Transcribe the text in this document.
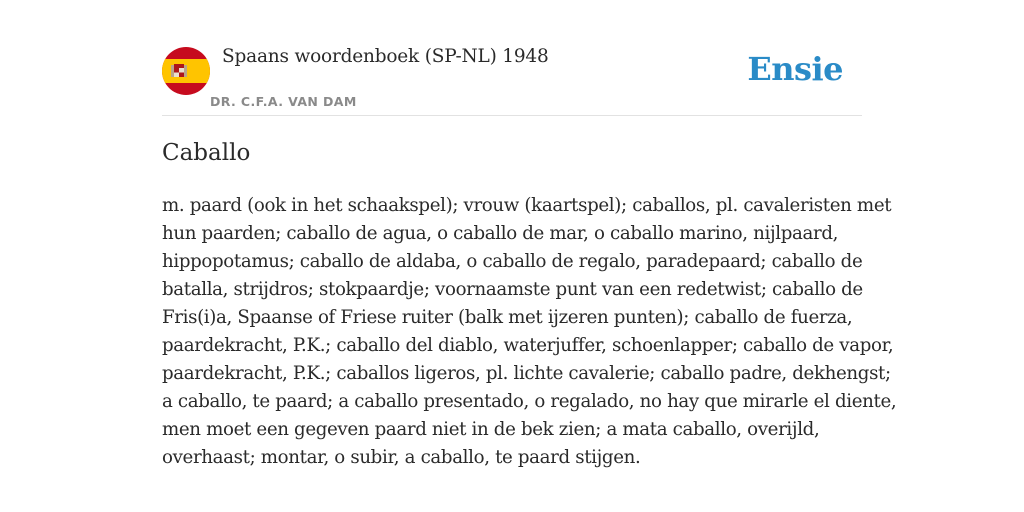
Spaans woordenboek (SP-NL) 1948
DR. C.F.A. VAN DAM
Ensie
Caballo

m. paard (ook in het schaakspel); vrouw (kaartspel); caballos, pl. cavaleristen met
hun paarden; caballo de agua, o caballo de mar, o caballo marino, nijlpaard,
hippopotamus; caballo de aldaba, o caballo de regalo, paradepaard; caballo de
batalla, strijdros; stokpaardje; voornaamste punt van een redetwist; caballo de
Fris(i)a, Spaanse of Friese ruiter (balk met ijzeren punten); caballo de fuerza,
paardekracht, P.K.; caballo del diablo, waterjuffer, schoenlapper; caballo de vapor,
paardekracht, P.K.; caballos ligeros, pl. lichte cavalerie; caballo padre, dekhengst;
a caballo, te paard; a caballo presentado, o regalado, no hay que mirarle el diente,
men moet een gegeven paard niet in de bek zien; a mata caballo, overijld,
overhaast; montar, o subir, a caballo, te paard stijgen.
